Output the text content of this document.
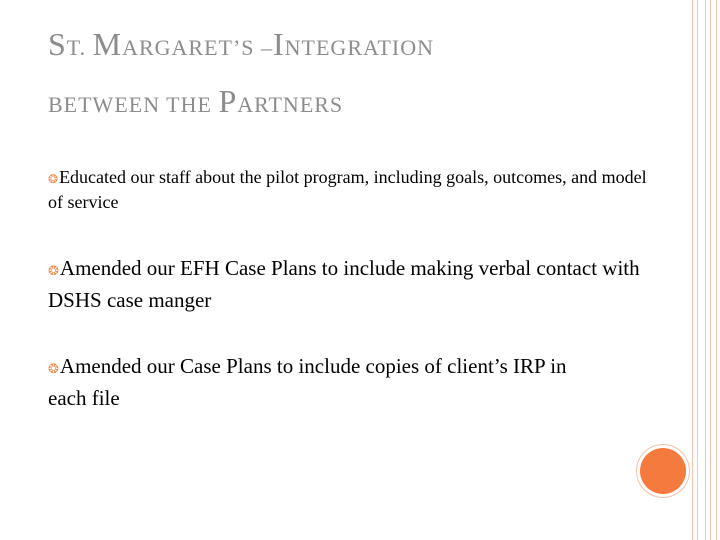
ST. MARGARET’S –INTEGRATION
BETWEEN THE PARTNERS
❂Educated our staff about the pilot program, including goals, outcomes, and model of service
❂Amended our EFH Case Plans to include making verbal contact with DSHS case manger
❂Amended our Case Plans to include copies of client’s IRP in each file
